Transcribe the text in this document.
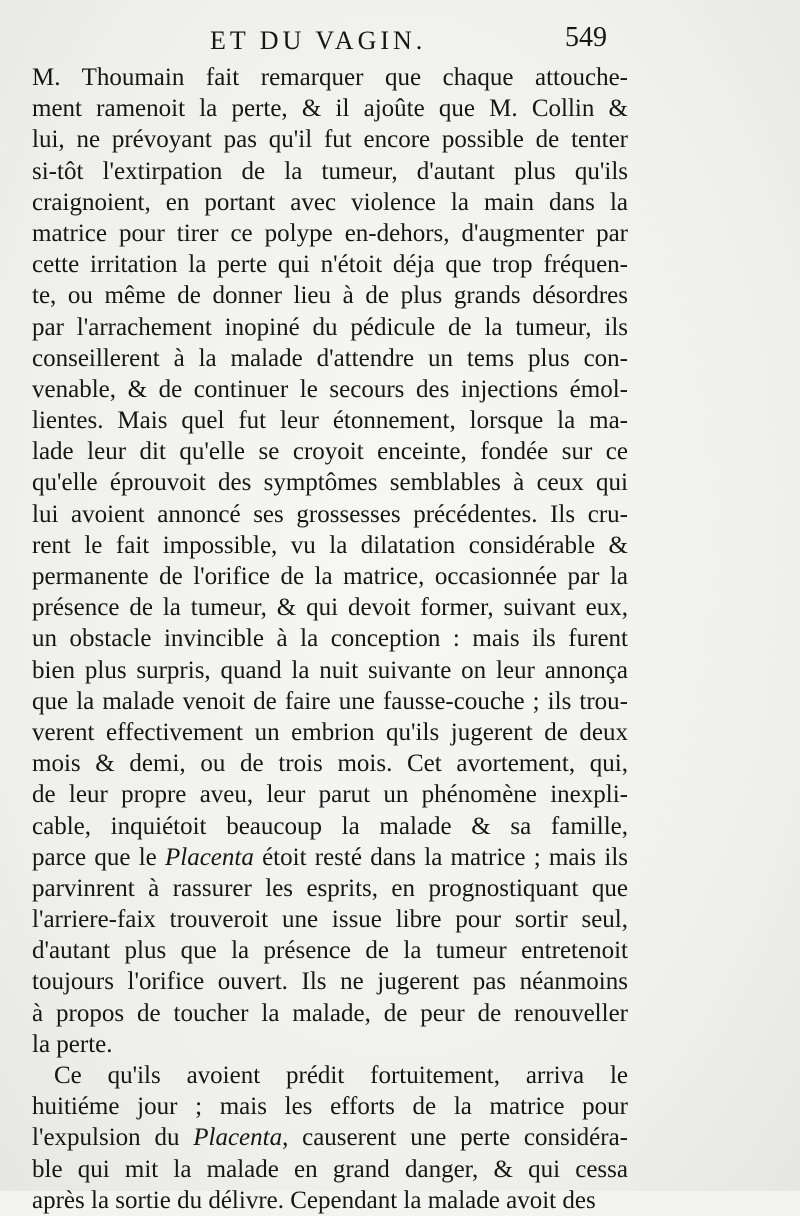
ET DU VAGIN.	549
M. Thoumain fait remarquer que chaque attouche-
ment ramenoit la perte, & il ajoûte que M. Collin &
lui, ne prévoyant pas qu'il fut encore possible de tenter
si-tôt l'extirpation de la tumeur, d'autant plus qu'ils
craignoient, en portant avec violence la main dans la
matrice pour tirer ce polype en-dehors, d'augmenter par
cette irritation la perte qui n'étoit déja que trop fréquen-
te, ou même de donner lieu à de plus grands désordres
par l'arrachement inopiné du pédicule de la tumeur, ils
conseillerent à la malade d'attendre un tems plus con-
venable, & de continuer le secours des injections émol-
lientes. Mais quel fut leur étonnement, lorsque la ma-
lade leur dit qu'elle se croyoit enceinte, fondée sur ce
qu'elle éprouvoit des symptômes semblables à ceux qui
lui avoient annoncé ses grossesses précédentes. Ils cru-
rent le fait impossible, vu la dilatation considérable &
permanente de l'orifice de la matrice, occasionnée par la
présence de la tumeur, & qui devoit former, suivant eux,
un obstacle invincible à la conception : mais ils furent
bien plus surpris, quand la nuit suivante on leur annonça
que la malade venoit de faire une fausse-couche ; ils trou-
verent effectivement un embrion qu'ils jugerent de deux
mois & demi, ou de trois mois. Cet avortement, qui,
de leur propre aveu, leur parut un phénomène inexpli-
cable, inquiétoit beaucoup la malade & sa famille,
parce que le Placenta étoit resté dans la matrice ; mais ils
parvinrent à rassurer les esprits, en prognostiquant que
l'arriere-faix trouveroit une issue libre pour sortir seul,
d'autant plus que la présence de la tumeur entretenoit
toujours l'orifice ouvert. Ils ne jugerent pas néanmoins
à propos de toucher la malade, de peur de renouveller
la perte.
Ce qu'ils avoient prédit fortuitement, arriva le
huitiéme jour ; mais les efforts de la matrice pour
l'expulsion du Placenta, causerent une perte considéra-
ble qui mit la malade en grand danger, & qui cessa
après la sortie du délivre. Cependant la malade avoit des
